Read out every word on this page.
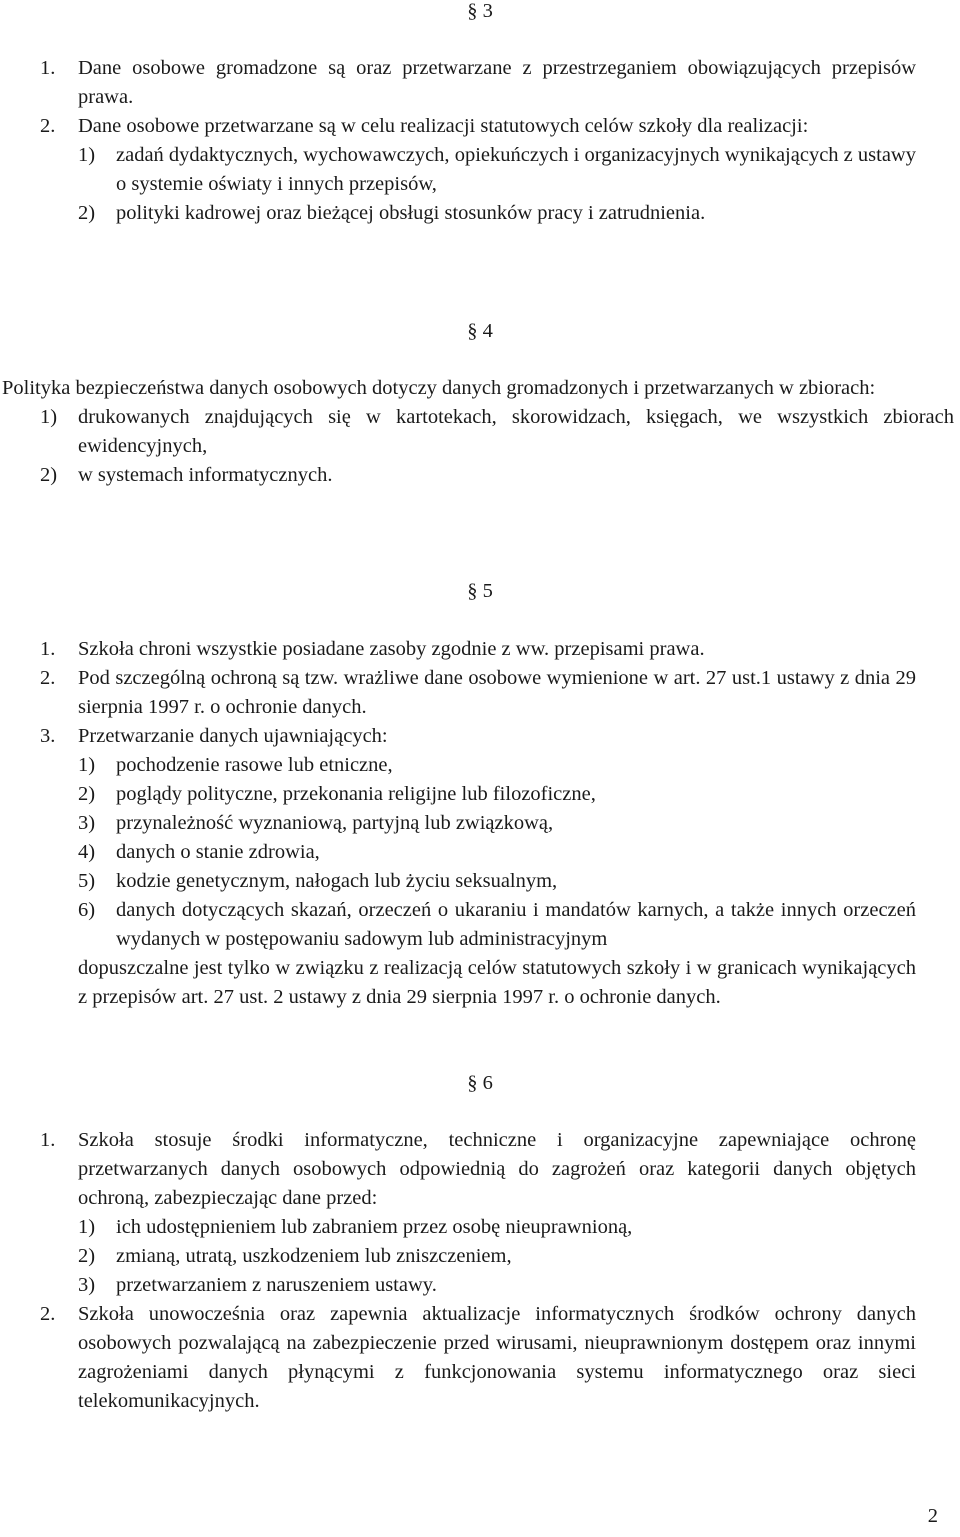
§ 3
1.	Dane osobowe gromadzone są oraz przetwarzane z przestrzeganiem obowiązujących przepisów prawa.
2.	Dane osobowe przetwarzane są w celu realizacji statutowych celów szkoły dla realizacji:
1)	zadań dydaktycznych, wychowawczych, opiekuńczych i organizacyjnych wynikających z ustawy o systemie oświaty i innych przepisów,
2)	polityki kadrowej oraz bieżącej obsługi stosunków pracy i zatrudnienia.
§ 4

Polityka bezpieczeństwa danych osobowych dotyczy danych gromadzonych i przetwarzanych w zbiorach:

1)	drukowanych znajdujących się w kartotekach, skorowidzach, księgach, we wszystkich zbiorach ewidencyjnych,
2)	w systemach informatycznych.
§ 5
1.	Szkoła chroni wszystkie posiadane zasoby zgodnie z ww. przepisami prawa.
2.	Pod szczególną ochroną są tzw. wrażliwe dane osobowe wymienione w art. 27 ust.1 ustawy z dnia 29 sierpnia 1997 r. o ochronie danych.
3.	Przetwarzanie danych ujawniających:
1)	pochodzenie rasowe lub etniczne,
2)	poglądy polityczne, przekonania religijne lub filozoficzne,
3)	przynależność wyznaniową, partyjną lub związkową,
4)	danych o stanie zdrowia,
5)	kodzie genetycznym, nałogach lub życiu seksualnym,
6)	danych dotyczących skazań, orzeczeń o ukaraniu i mandatów karnych, a także innych orzeczeń wydanych w postępowaniu sadowym lub administracyjnym

dopuszczalne jest tylko w związku z realizacją celów statutowych szkoły i w granicach wynikających z przepisów art. 27 ust. 2 ustawy z dnia 29 sierpnia 1997 r. o ochronie danych.

§ 6
1.	Szkoła stosuje środki informatyczne, techniczne i organizacyjne zapewniające ochronę przetwarzanych danych osobowych odpowiednią do zagrożeń oraz kategorii danych objętych ochroną, zabezpieczając dane przed:
1)	ich udostępnieniem lub zabraniem przez osobę nieuprawnioną,
2)	zmianą, utratą, uszkodzeniem lub zniszczeniem,
3)	przetwarzaniem z naruszeniem ustawy.
2.	Szkoła unowocześnia oraz zapewnia aktualizacje informatycznych środków ochrony danych osobowych pozwalającą na zabezpieczenie przed wirusami, nieuprawnionym dostępem oraz innymi zagrożeniami danych płynącymi z funkcjonowania systemu informatycznego oraz sieci telekomunikacyjnych.
2
